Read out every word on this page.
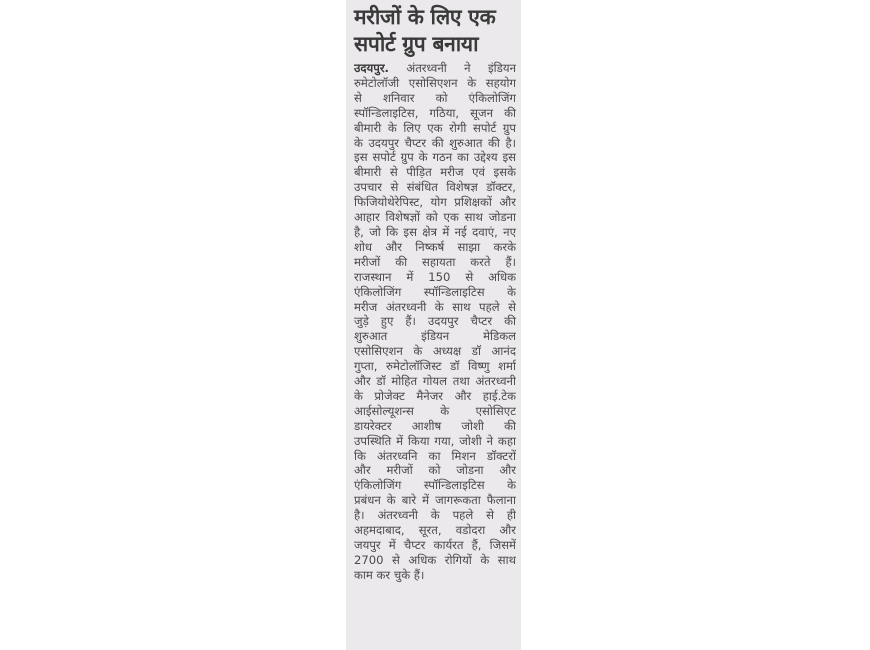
मरीजों के लिए एक
सपोर्ट ग्रुप बनाया
उदयपुर. अंतरध्वनी ने इंडियन
रुमेटोलॉजी एसोसिएशन के सहयोग
से शनिवार को एंकिलोजिंग
स्पॉन्डिलाइटिस, गठिया, सूजन की
बीमारी के लिए एक रोगी सपोर्ट ग्रुप
के उदयपुर चैप्टर की शुरुआत की है।
इस सपोर्ट ग्रुप के गठन का उद्देश्य इस
बीमारी से पीड़ित मरीज एवं इसके
उपचार से संबंधित विशेषज्ञ डॉक्टर,
फिजियोथेरेपिस्ट, योग प्रशिक्षकों और
आहार विशेषज्ञों को एक साथ जोडना
है, जो कि इस क्षेत्र में नई दवाएं, नए
शोध और निष्कर्ष साझा करके
मरीजों की सहायता करते हैं।
राजस्थान में 150 से अधिक
एंकिलोजिंग स्पॉन्डिलाइटिस के
मरीज अंतरध्वनी के साथ पहले से
जुड़े हुए हैं। उदयपुर चैप्टर की
शुरुआत इंडियन मेडिकल
एसोसिएशन के अध्यक्ष डॉ आनंद
गुप्ता, रुमेटोलॉजिस्ट डॉ विष्णु शर्मा
और डॉ मोहित गोयल तथा अंतरध्वनी
के प्रोजेक्ट मैनेजर और हाई.टेक
आईसोल्यूशन्स के एसोसिएट
डायरेक्टर आशीष जोशी की
उपस्थिति में किया गया, जोशी ने कहा
कि अंतरध्वनि का मिशन डॉक्टरों
और मरीजों को जोडना और
एंकिलोजिंग स्पॉन्डिलाइटिस के
प्रबंधन के बारे में जागरूकता फैलाना
है। अंतरध्वनी के पहले से ही
अहमदाबाद, सूरत, वडोदरा और
जयपुर में चैप्टर कार्यरत हैं, जिसमें
2700 से अधिक रोगियों के साथ
काम कर चुके हैं।
